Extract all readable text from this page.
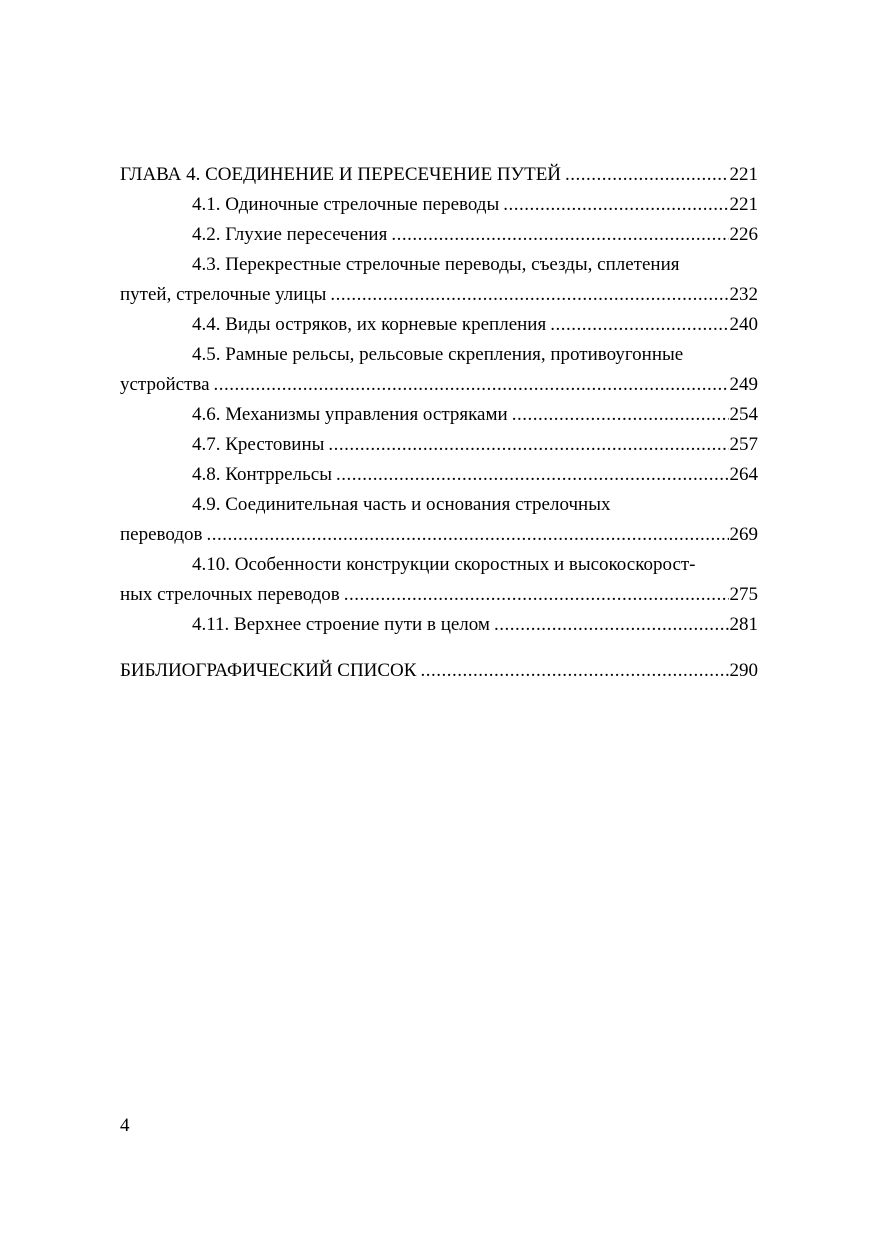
ГЛАВА 4. СОЕДИНЕНИЕ И ПЕРЕСЕЧЕНИЕ ПУТЕЙ .....	221
4.1. Одиночные стрелочные переводы .....	221
4.2. Глухие пересечения .....	226
4.3. Перекрестные стрелочные переводы, съезды, сплетения
путей, стрелочные улицы .....	232
4.4. Виды остряков, их корневые крепления .....	240
4.5. Рамные рельсы, рельсовые скрепления, противоугонные
устройства .....	249
4.6. Механизмы управления остряками .....	254
4.7. Крестовины .....	257
4.8. Контррельсы .....	264
4.9. Соединительная часть и основания стрелочных
переводов .....	269
4.10. Особенности конструкции скоростных и высокоскорост-
ных стрелочных переводов .....	275
4.11. Верхнее строение пути в целом .....	281
БИБЛИОГРАФИЧЕСКИЙ СПИСОК .....	290
4
